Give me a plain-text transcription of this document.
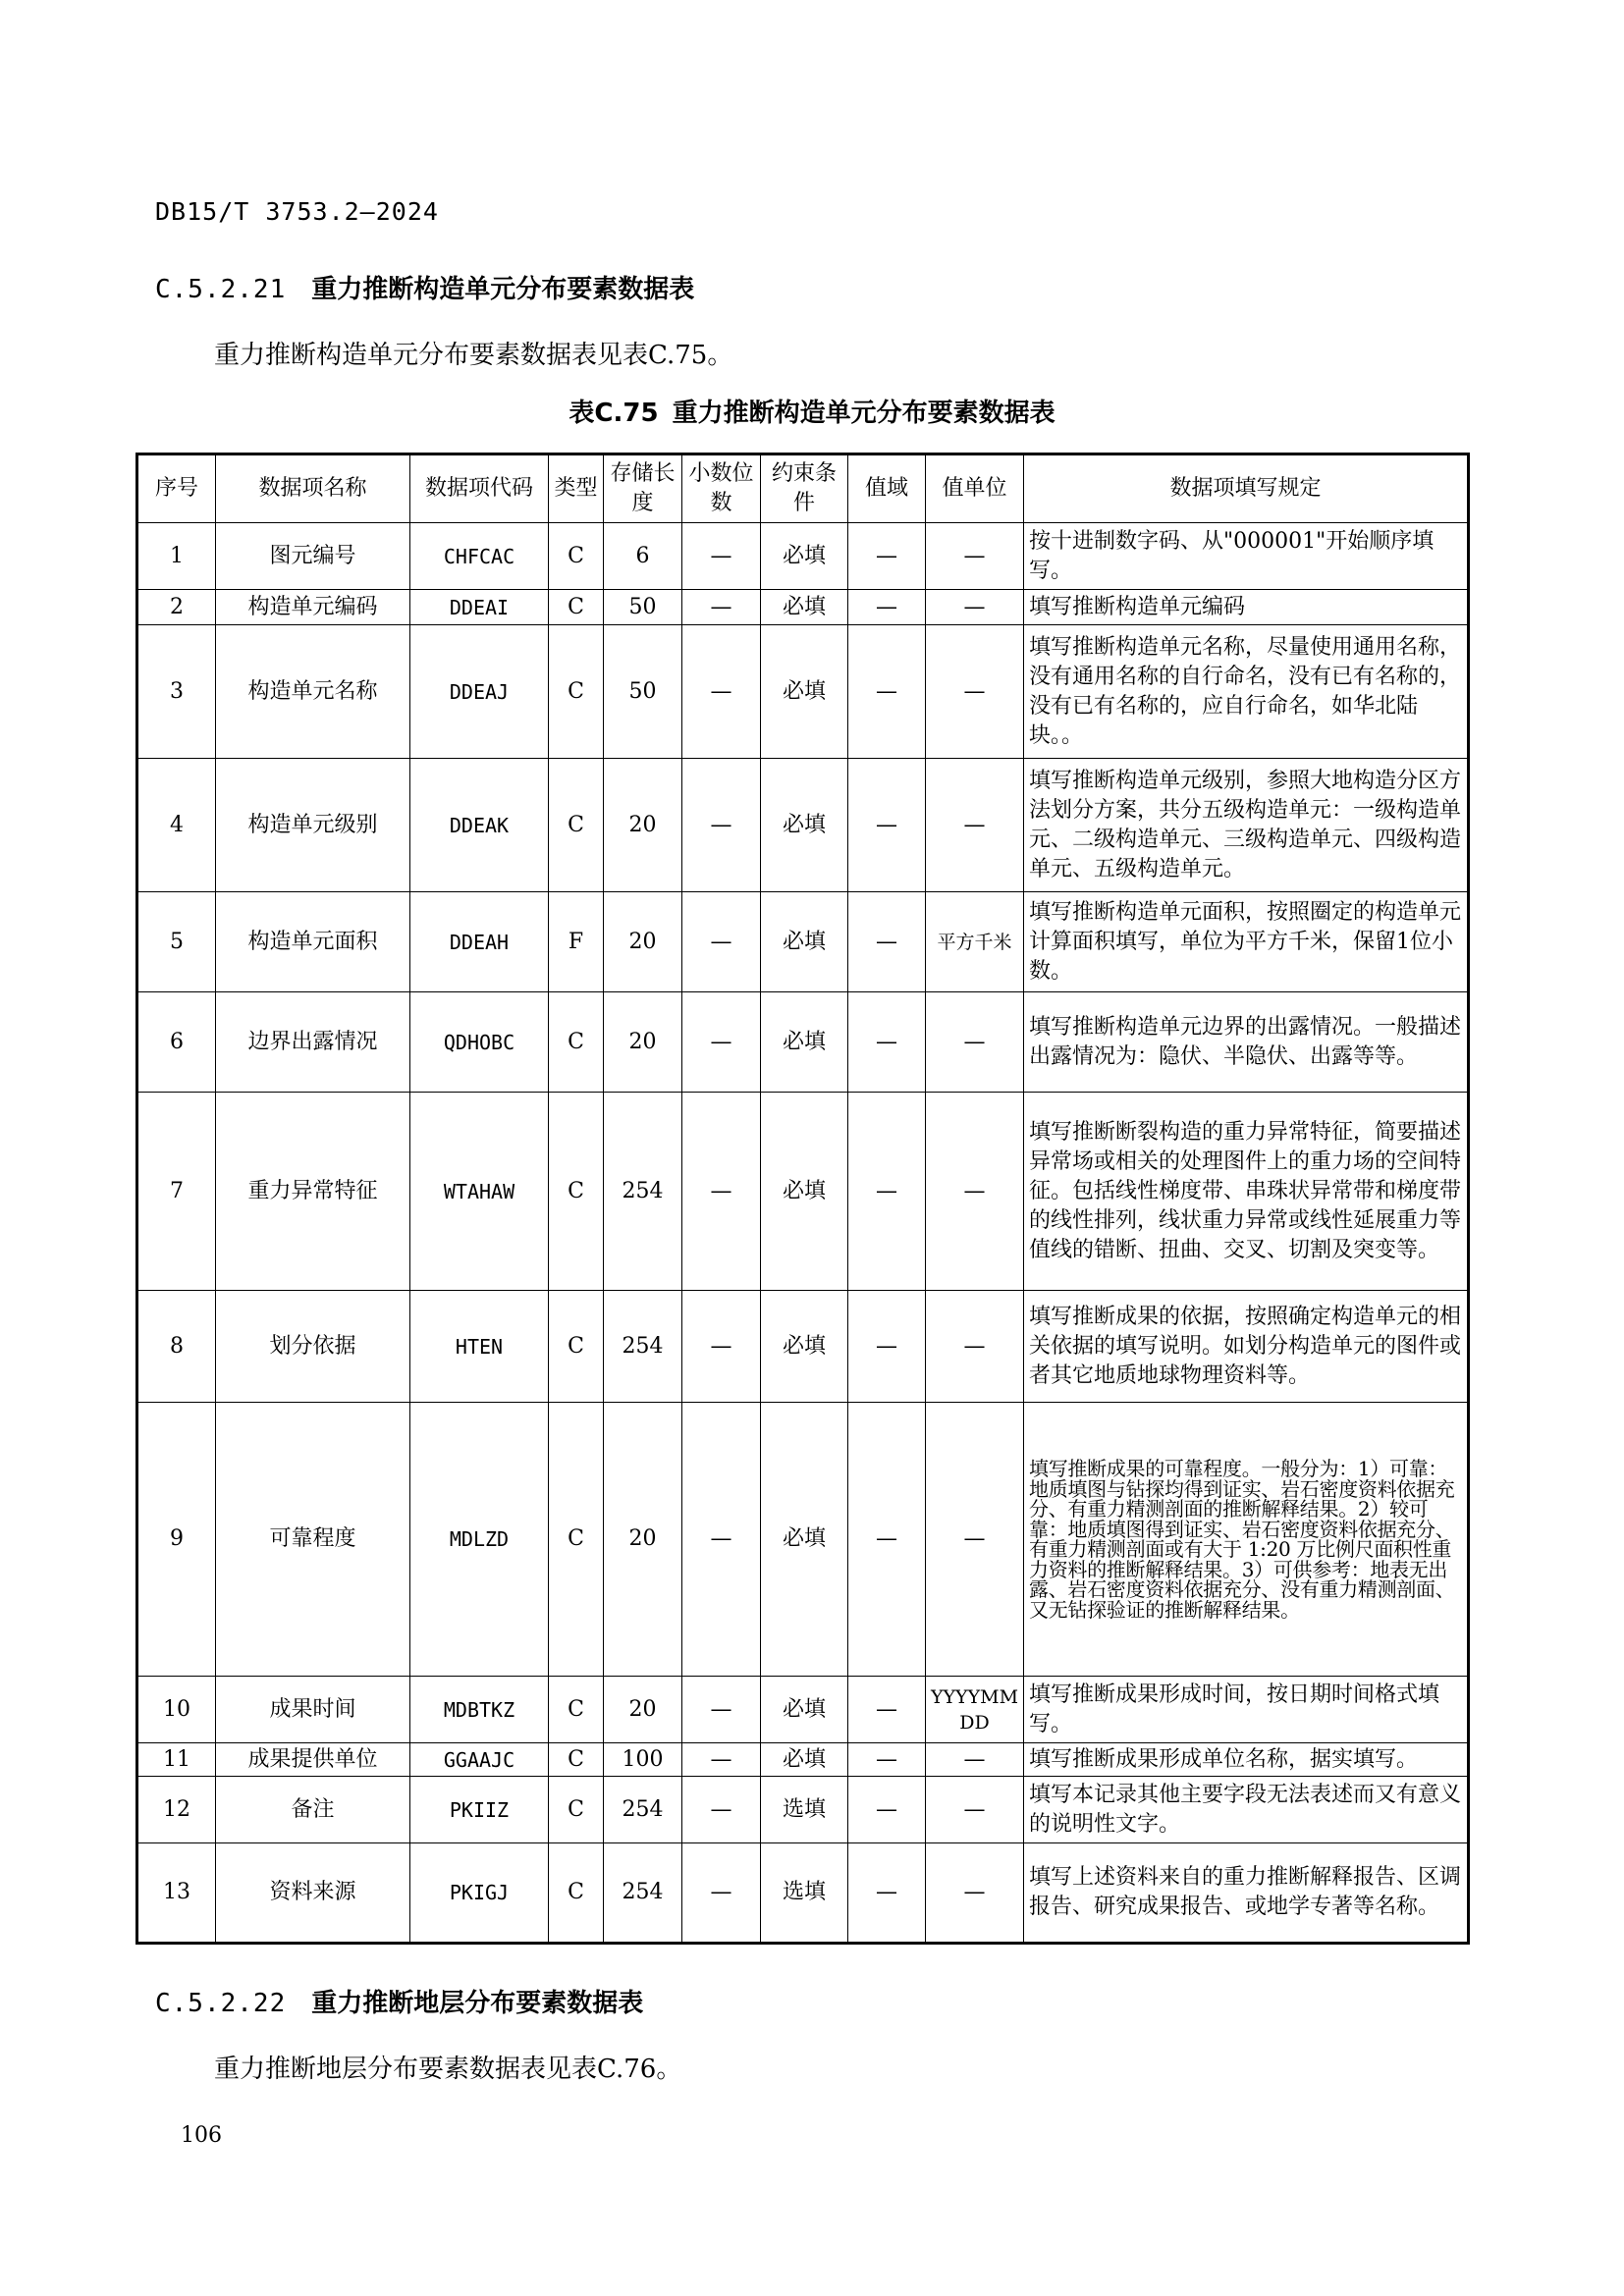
DB15/T 3753.2—2024
C.5.2.21 重力推断构造单元分布要素数据表
重力推断构造单元分布要素数据表见表C.75。
表C.75 重力推断构造单元分布要素数据表
序号	数据项名称	数据项代码	类型	存储长度	小数位数	约束条件	值域	值单位	数据项填写规定
1	图元编号	CHFCAC	C	6	—	必填	—	—	按十进制数字码、从"000001"开始顺序填写。
2	构造单元编码	DDEAI	C	50	—	必填	—	—	填写推断构造单元编码
3	构造单元名称	DDEAJ	C	50	—	必填	—	—	填写推断构造单元名称，尽量使用通用名称，没有通用名称的自行命名，没有已有名称的，没有已有名称的，应自行命名，如华北陆块。。
4	构造单元级别	DDEAK	C	20	—	必填	—	—	填写推断构造单元级别，参照大地构造分区方法划分方案，共分五级构造单元：一级构造单元、二级构造单元、三级构造单元、四级构造单元、五级构造单元。
5	构造单元面积	DDEAH	F	20	—	必填	—	平方千米	填写推断构造单元面积，按照圈定的构造单元计算面积填写，单位为平方千米，保留1位小数。
6	边界出露情况	QDHOBC	C	20	—	必填	—	—	填写推断构造单元边界的出露情况。一般描述出露情况为：隐伏、半隐伏、出露等等。
7	重力异常特征	WTAHAW	C	254	—	必填	—	—	填写推断断裂构造的重力异常特征，简要描述异常场或相关的处理图件上的重力场的空间特征。包括线性梯度带、串珠状异常带和梯度带的线性排列，线状重力异常或线性延展重力等值线的错断、扭曲、交叉、切割及突变等。
8	划分依据	HTEN	C	254	—	必填	—	—	填写推断成果的依据，按照确定构造单元的相关依据的填写说明。如划分构造单元的图件或者其它地质地球物理资料等。
9	可靠程度	MDLZD	C	20	—	必填	—	—	填写推断成果的可靠程度。一般分为：1）可靠：地质填图与钻探均得到证实、岩石密度资料依据充分、有重力精测剖面的推断解释结果。2）较可靠：地质填图得到证实、岩石密度资料依据充分、有重力精测剖面或有大于 1:20 万比例尺面积性重力资料的推断解释结果。3）可供参考：地表无出露、岩石密度资料依据充分、没有重力精测剖面、又无钻探验证的推断解释结果。
10	成果时间	MDBTKZ	C	20	—	必填	—	YYYYMMDD	填写推断成果形成时间，按日期时间格式填写。
11	成果提供单位	GGAAJC	C	100	—	必填	—	—	填写推断成果形成单位名称，据实填写。
12	备注	PKIIZ	C	254	—	选填	—	—	填写本记录其他主要字段无法表述而又有意义的说明性文字。
13	资料来源	PKIGJ	C	254	—	选填	—	—	填写上述资料来自的重力推断解释报告、区调报告、研究成果报告、或地学专著等名称。
C.5.2.22 重力推断地层分布要素数据表
重力推断地层分布要素数据表见表C.76。
106
